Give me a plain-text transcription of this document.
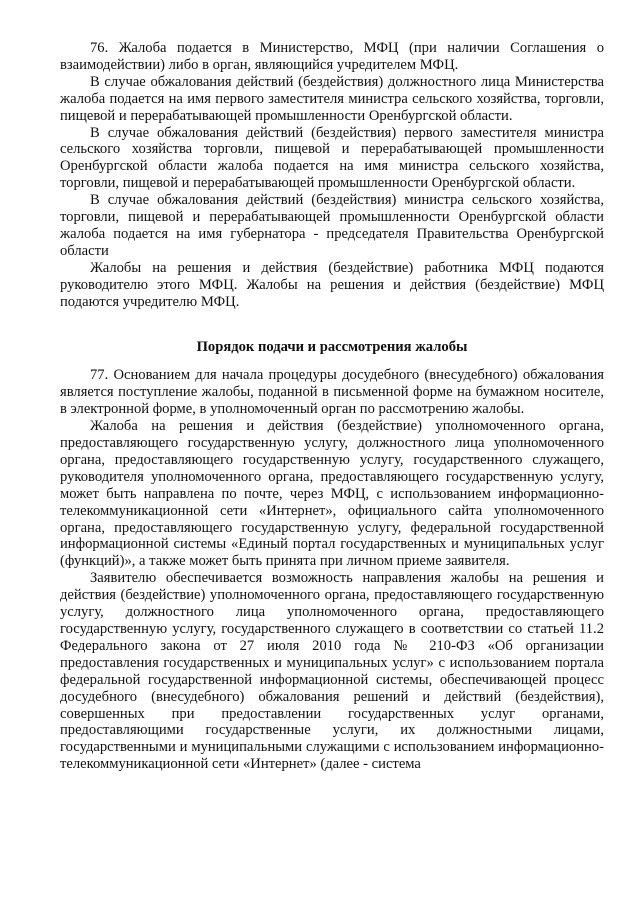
76. Жалоба подается в Министерство, МФЦ (при наличии Соглашения о взаимодействии) либо в орган, являющийся учредителем МФЦ.

В случае обжалования действий (бездействия) должностного лица Министерства жалоба подается на имя первого заместителя министра сельского хозяйства, торговли, пищевой и перерабатывающей промышленности Оренбургской области.

В случае обжалования действий (бездействия) первого заместителя министра сельского хозяйства торговли, пищевой и перерабатывающей промышленности Оренбургской области жалоба подается на имя министра сельского хозяйства, торговли, пищевой и перерабатывающей промышленности Оренбургской области.

В случае обжалования действий (бездействия) министра сельского хозяйства, торговли, пищевой и перерабатывающей промышленности Оренбургской области жалоба подается на имя губернатора - председателя Правительства Оренбургской области

Жалобы на решения и действия (бездействие) работника МФЦ подаются руководителю этого МФЦ. Жалобы на решения и действия (бездействие) МФЦ подаются учредителю МФЦ.

Порядок подачи и рассмотрения жалобы

77. Основанием для начала процедуры досудебного (внесудебного) обжалования является поступление жалобы, поданной в письменной форме на бумажном носителе, в электронной форме, в уполномоченный орган по рассмотрению жалобы.

Жалоба на решения и действия (бездействие) уполномоченного органа, предоставляющего государственную услугу, должностного лица уполномоченного органа, предоставляющего государственную услугу, государственного служащего, руководителя уполномоченного органа, предоставляющего государственную услугу, может быть направлена по почте, через МФЦ, с использованием информационно-телекоммуникационной сети «Интернет», официального сайта уполномоченного органа, предоставляющего государственную услугу, федеральной государственной информационной системы «Единый портал государственных и муниципальных услуг (функций)», а также может быть принята при личном приеме заявителя.

Заявителю обеспечивается возможность направления жалобы на решения и действия (бездействие) уполномоченного органа, предоставляющего государственную услугу, должностного лица уполномоченного органа, предоставляющего государственную услугу, государственного служащего в соответствии со статьей 11.2 Федерального закона от 27 июля 2010 года № 210-ФЗ «Об организации предоставления государственных и муниципальных услуг» с использованием портала федеральной государственной информационной системы, обеспечивающей процесс досудебного (внесудебного) обжалования решений и действий (бездействия), совершенных при предоставлении государственных услуг органами, предоставляющими государственные услуги, их должностными лицами, государственными и муниципальными служащими с использованием информационно-телекоммуникационной сети «Интернет» (далее - система
